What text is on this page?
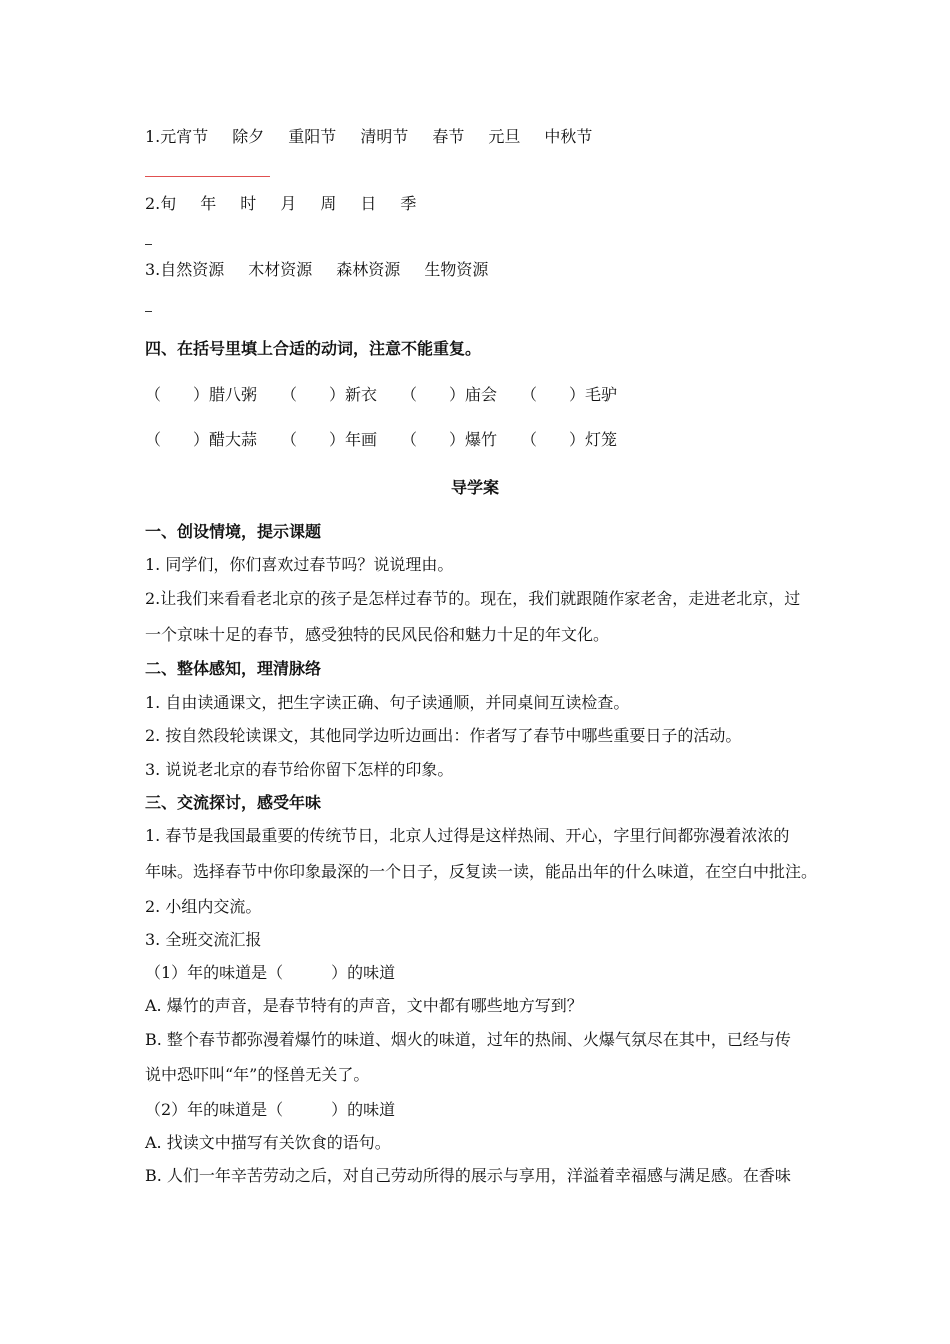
1.元宵节 除夕 重阳节 清明节 春节 元旦 中秋节
2.旬 年 时 月 周 日 季
3.自然资源 木材资源 森林资源 生物资源
四、在括号里填上合适的动词，注意不能重复。
（　　）腊八粥 （　　）新衣 （　　）庙会 （　　）毛驴
（　　）醋大蒜 （　　）年画 （　　）爆竹 （　　）灯笼
导学案
一、创设情境，提示课题
1. 同学们，你们喜欢过春节吗？说说理由。
2.让我们来看看老北京的孩子是怎样过春节的。现在，我们就跟随作家老舍，走进老北京，过
一个京味十足的春节，感受独特的民风民俗和魅力十足的年文化。
二、整体感知，理清脉络
1. 自由读通课文，把生字读正确、句子读通顺，并同桌间互读检查。
2. 按自然段轮读课文，其他同学边听边画出：作者写了春节中哪些重要日子的活动。
3. 说说老北京的春节给你留下怎样的印象。
三、交流探讨，感受年味
1. 春节是我国最重要的传统节日，北京人过得是这样热闹、开心，字里行间都弥漫着浓浓的
年味。选择春节中你印象最深的一个日子，反复读一读，能品出年的什么味道，在空白中批注。
2. 小组内交流。
3. 全班交流汇报
（1）年的味道是（　　　）的味道
A. 爆竹的声音，是春节特有的声音，文中都有哪些地方写到？
B. 整个春节都弥漫着爆竹的味道、烟火的味道，过年的热闹、火爆气氛尽在其中，已经与传
说中恐吓叫“年”的怪兽无关了。
（2）年的味道是（　　　）的味道
A. 找读文中描写有关饮食的语句。
B. 人们一年辛苦劳动之后，对自己劳动所得的展示与享用，洋溢着幸福感与满足感。在香味
